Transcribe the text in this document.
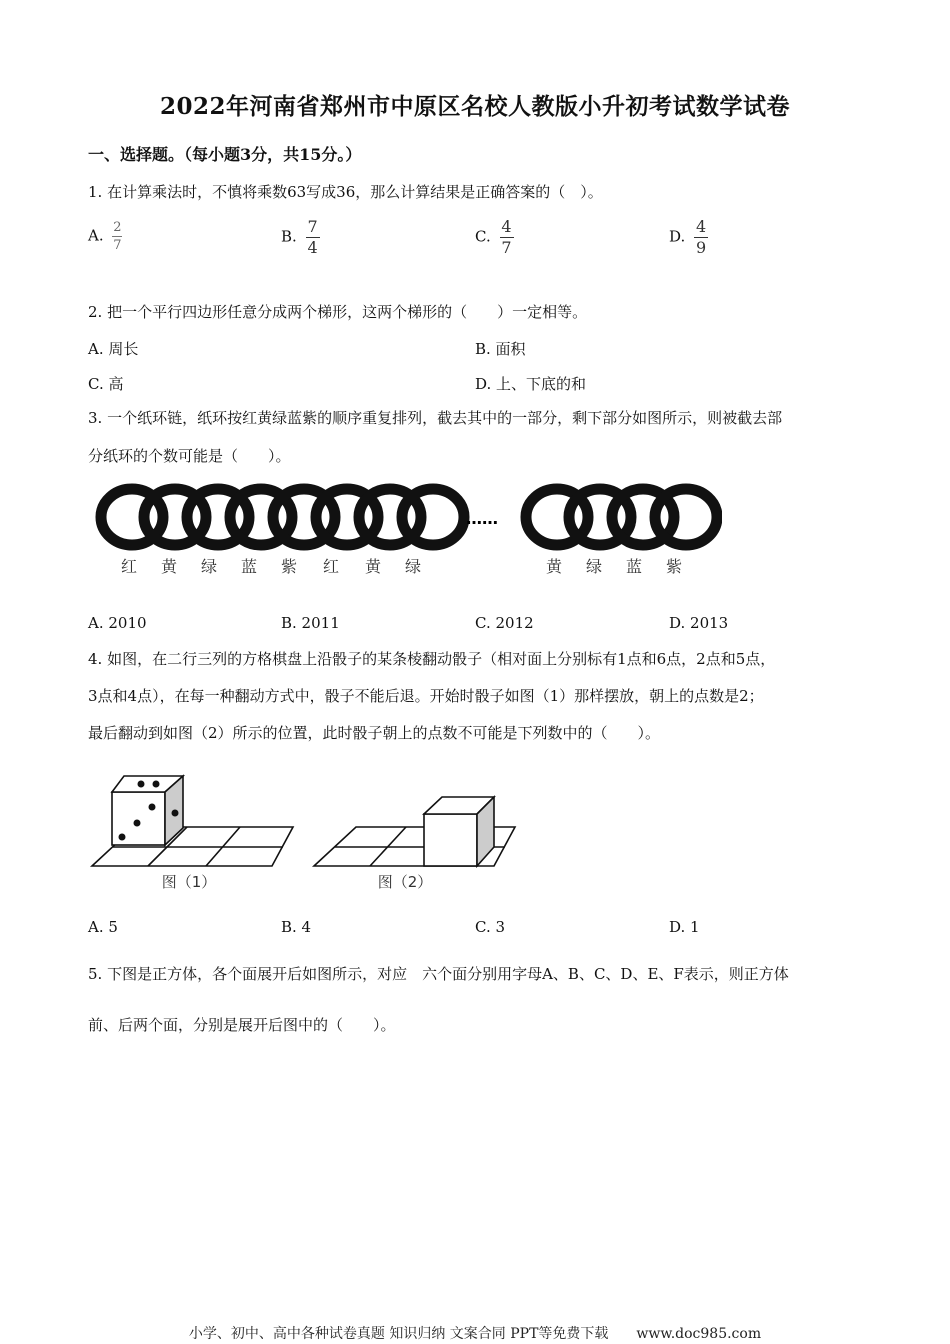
2022年河南省郑州市中原区名校人教版小升初考试数学试卷
一、选择题。（每小题3分，共15分。）
1. 在计算乘法时，不慎将乘数63写成36，那么计算结果是正确答案的（　）。
A. $\frac{2}{7}$	B. $\frac{7}{4}$	C. $\frac{4}{7}$	D. $\frac{4}{9}$
2. 把一个平行四边形任意分成两个梯形，这两个梯形的（　　）一定相等。
A. 周长	B. 面积
C. 高	D. 上、下底的和
3. 一个纸环链，纸环按红黄绿蓝紫的顺序重复排列，截去其中的一部分，剩下部分如图所示，则被截去部
分纸环的个数可能是（　　）。
……
红 黄 绿 蓝 紫 红 黄 绿	黄 绿 蓝 紫
A. 2010	B. 2011	C. 2012	D. 2013
4. 如图，在二行三列的方格棋盘上沿骰子的某条棱翻动骰子（相对面上分别标有1点和6点，2点和5点，
3点和4点），在每一种翻动方式中，骰子不能后退。开始时骰子如图（1）那样摆放，朝上的点数是2；
最后翻动到如图（2）所示的位置，此时骰子朝上的点数不可能是下列数中的（　　）。
图（1）	图（2）
A. 5	B. 4	C. 3	D. 1
5. 下图是正方体，各个面展开后如图所示，对应　六个面分别用字母A、B、C、D、E、F表示，则正方体
前、后两个面，分别是展开后图中的（　　）。
小学、初中、高中各种试卷真题 知识归纳 文案合同 PPT等免费下载　　www.doc985.com
